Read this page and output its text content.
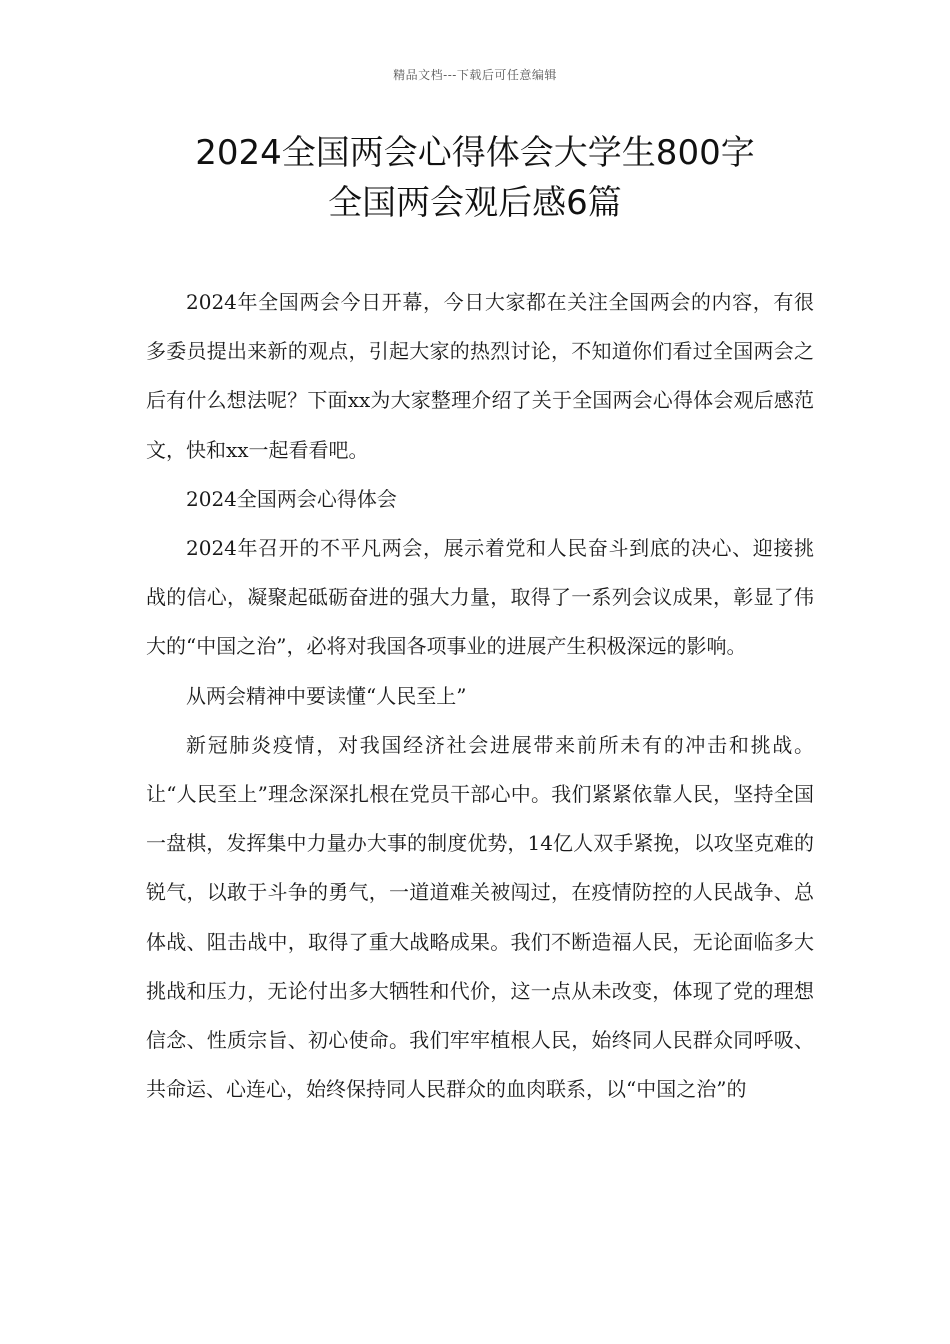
精品文档---下载后可任意编辑
2024全国两会心得体会大学生800字
全国两会观后感6篇

2024年全国两会今日开幕，今日大家都在关注全国两会的内容，有很多委员提出来新的观点，引起大家的热烈讨论，不知道你们看过全国两会之后有什么想法呢？下面xx为大家整理介绍了关于全国两会心得体会观后感范文，快和xx一起看看吧。

2024全国两会心得体会

2024年召开的不平凡两会，展示着党和人民奋斗到底的决心、迎接挑战的信心，凝聚起砥砺奋进的强大力量，取得了一系列会议成果，彰显了伟大的“中国之治”，必将对我国各项事业的进展产生积极深远的影响。

从两会精神中要读懂“人民至上”

新冠肺炎疫情，对我国经济社会进展带来前所未有的冲击和挑战。让“人民至上”理念深深扎根在党员干部心中。我们紧紧依靠人民，坚持全国一盘棋，发挥集中力量办大事的制度优势，14亿人双手紧挽，以攻坚克难的锐气，以敢于斗争的勇气，一道道难关被闯过，在疫情防控的人民战争、总体战、阻击战中，取得了重大战略成果。我们不断造福人民，无论面临多大挑战和压力，无论付出多大牺牲和代价，这一点从未改变，体现了党的理想信念、性质宗旨、初心使命。我们牢牢植根人民，始终同人民群众同呼吸、共命运、心连心，始终保持同人民群众的血肉联系，以“中国之治”的
